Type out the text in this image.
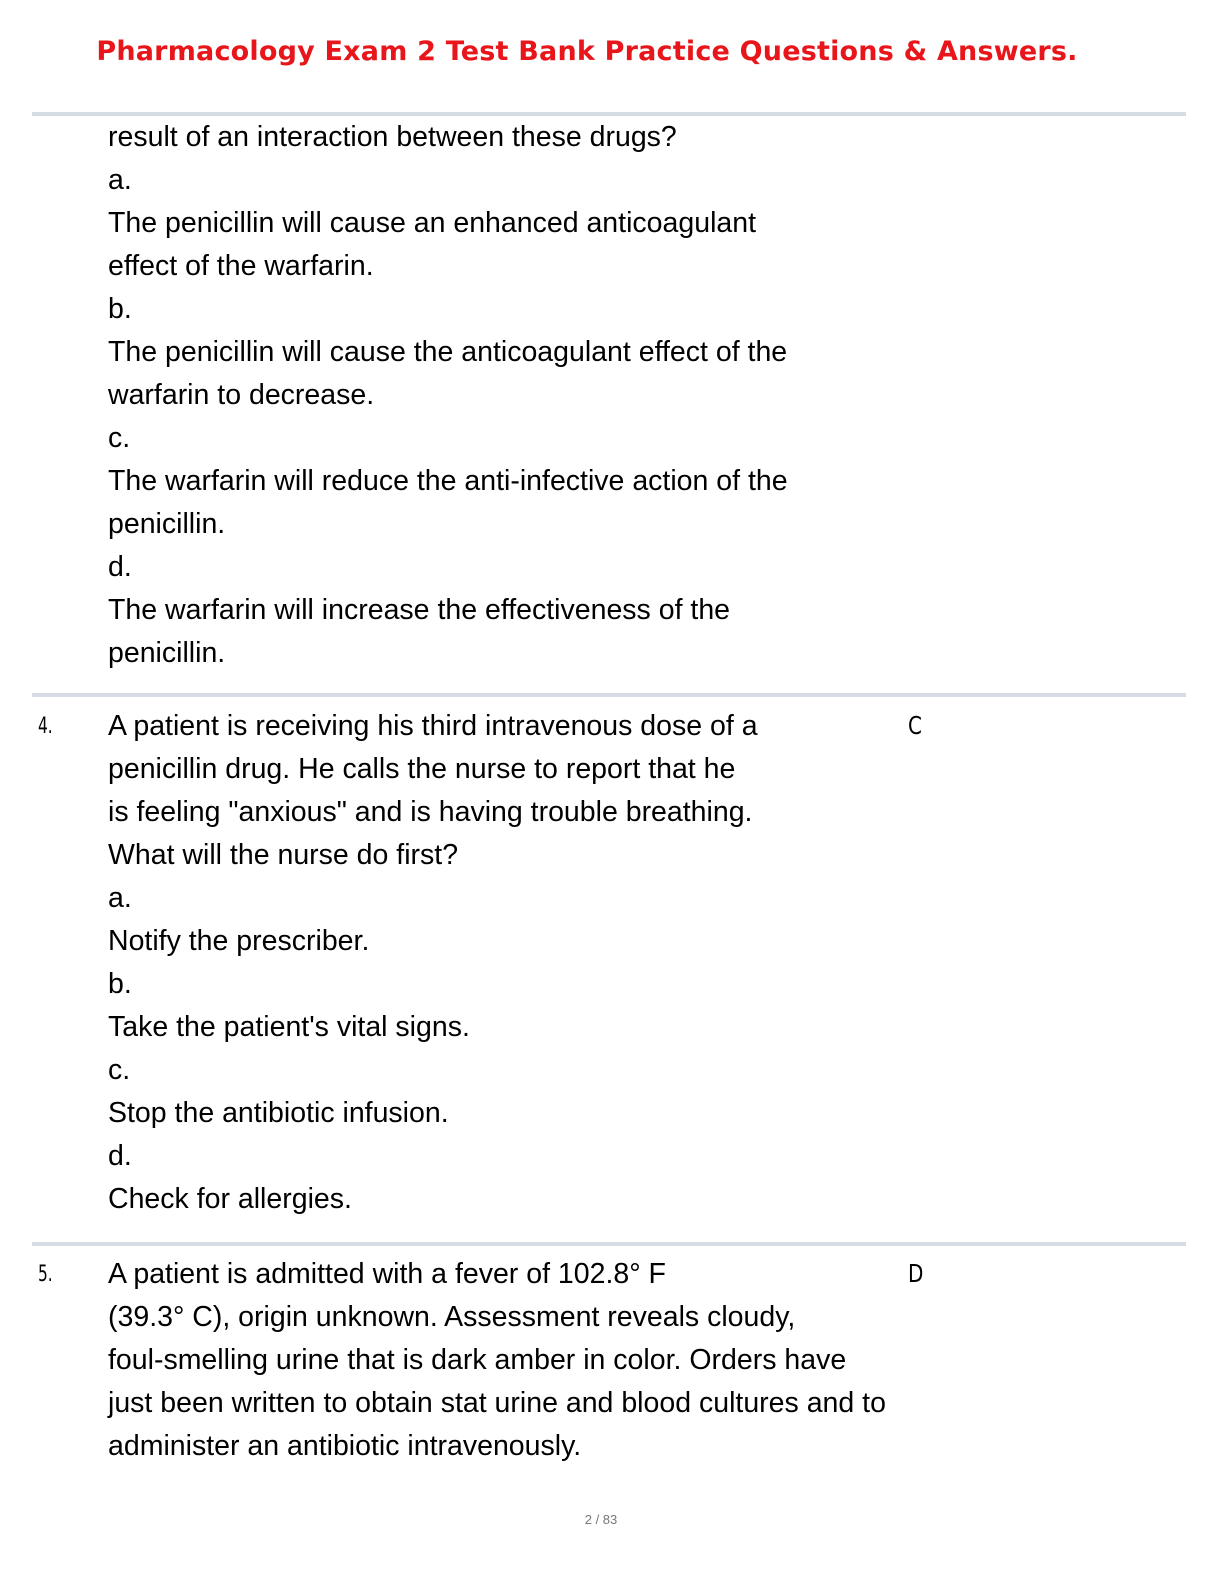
Pharmacology Exam 2 Test Bank Practice Questions & Answers.
result of an interaction between these drugs?
a.
The penicillin will cause an enhanced anticoagulant
effect of the warfarin.
b.
The penicillin will cause the anticoagulant effect of the
warfarin to decrease.
c.
The warfarin will reduce the anti-infective action of the
penicillin.
d.
The warfarin will increase the effectiveness of the
penicillin.
4.	C
A patient is receiving his third intravenous dose of a
penicillin drug. He calls the nurse to report that he
is feeling "anxious" and is having trouble breathing.
What will the nurse do first?
a.
Notify the prescriber.
b.
Take the patient's vital signs.
c.
Stop the antibiotic infusion.
d.
Check for allergies.
5.	D
A patient is admitted with a fever of 102.8° F
(39.3° C), origin unknown. Assessment reveals cloudy,
foul-smelling urine that is dark amber in color. Orders have just been written to obtain stat urine and blood cultures and to administer an antibiotic intravenously.
2 / 83
